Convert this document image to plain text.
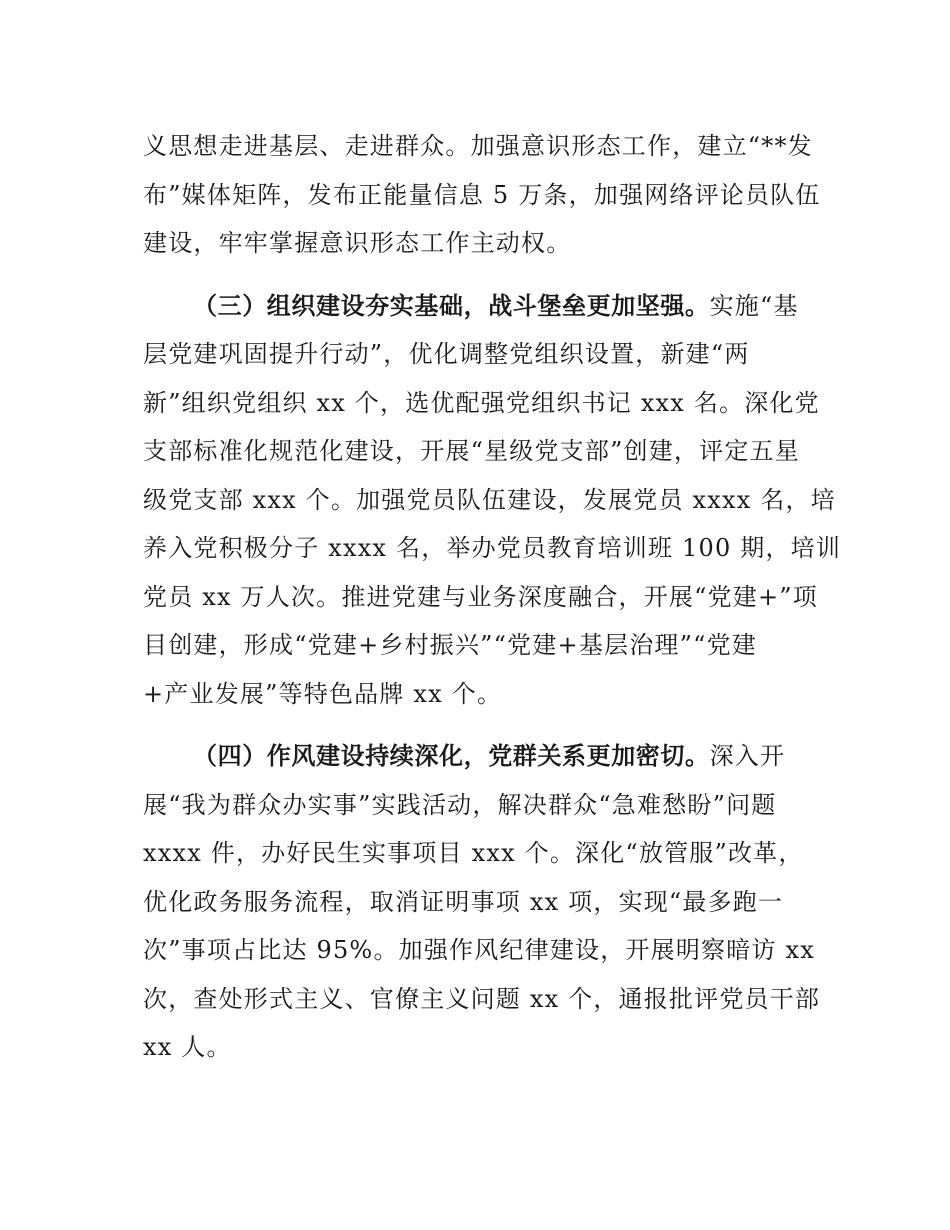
义思想走进基层、走进群众。加强意识形态工作，建立“**发
布”媒体矩阵，发布正能量信息 5 万条，加强网络评论员队伍
建设，牢牢掌握意识形态工作主动权。
（三）组织建设夯实基础，战斗堡垒更加坚强。实施“基
层党建巩固提升行动”，优化调整党组织设置，新建“两
新”组织党组织 xx 个，选优配强党组织书记 xxx 名。深化党
支部标准化规范化建设，开展“星级党支部”创建，评定五星
级党支部 xxx 个。加强党员队伍建设，发展党员 xxxx 名，培
养入党积极分子 xxxx 名，举办党员教育培训班 100 期，培训
党员 xx 万人次。推进党建与业务深度融合，开展“党建+”项
目创建，形成“党建+乡村振兴”“党建+基层治理”“党建
+产业发展”等特色品牌 xx 个。
（四）作风建设持续深化，党群关系更加密切。深入开
展“我为群众办实事”实践活动，解决群众“急难愁盼”问题
xxxx 件，办好民生实事项目 xxx 个。深化“放管服”改革，
优化政务服务流程，取消证明事项 xx 项，实现“最多跑一
次”事项占比达 95%。加强作风纪律建设，开展明察暗访 xx
次，查处形式主义、官僚主义问题 xx 个，通报批评党员干部
xx 人。
